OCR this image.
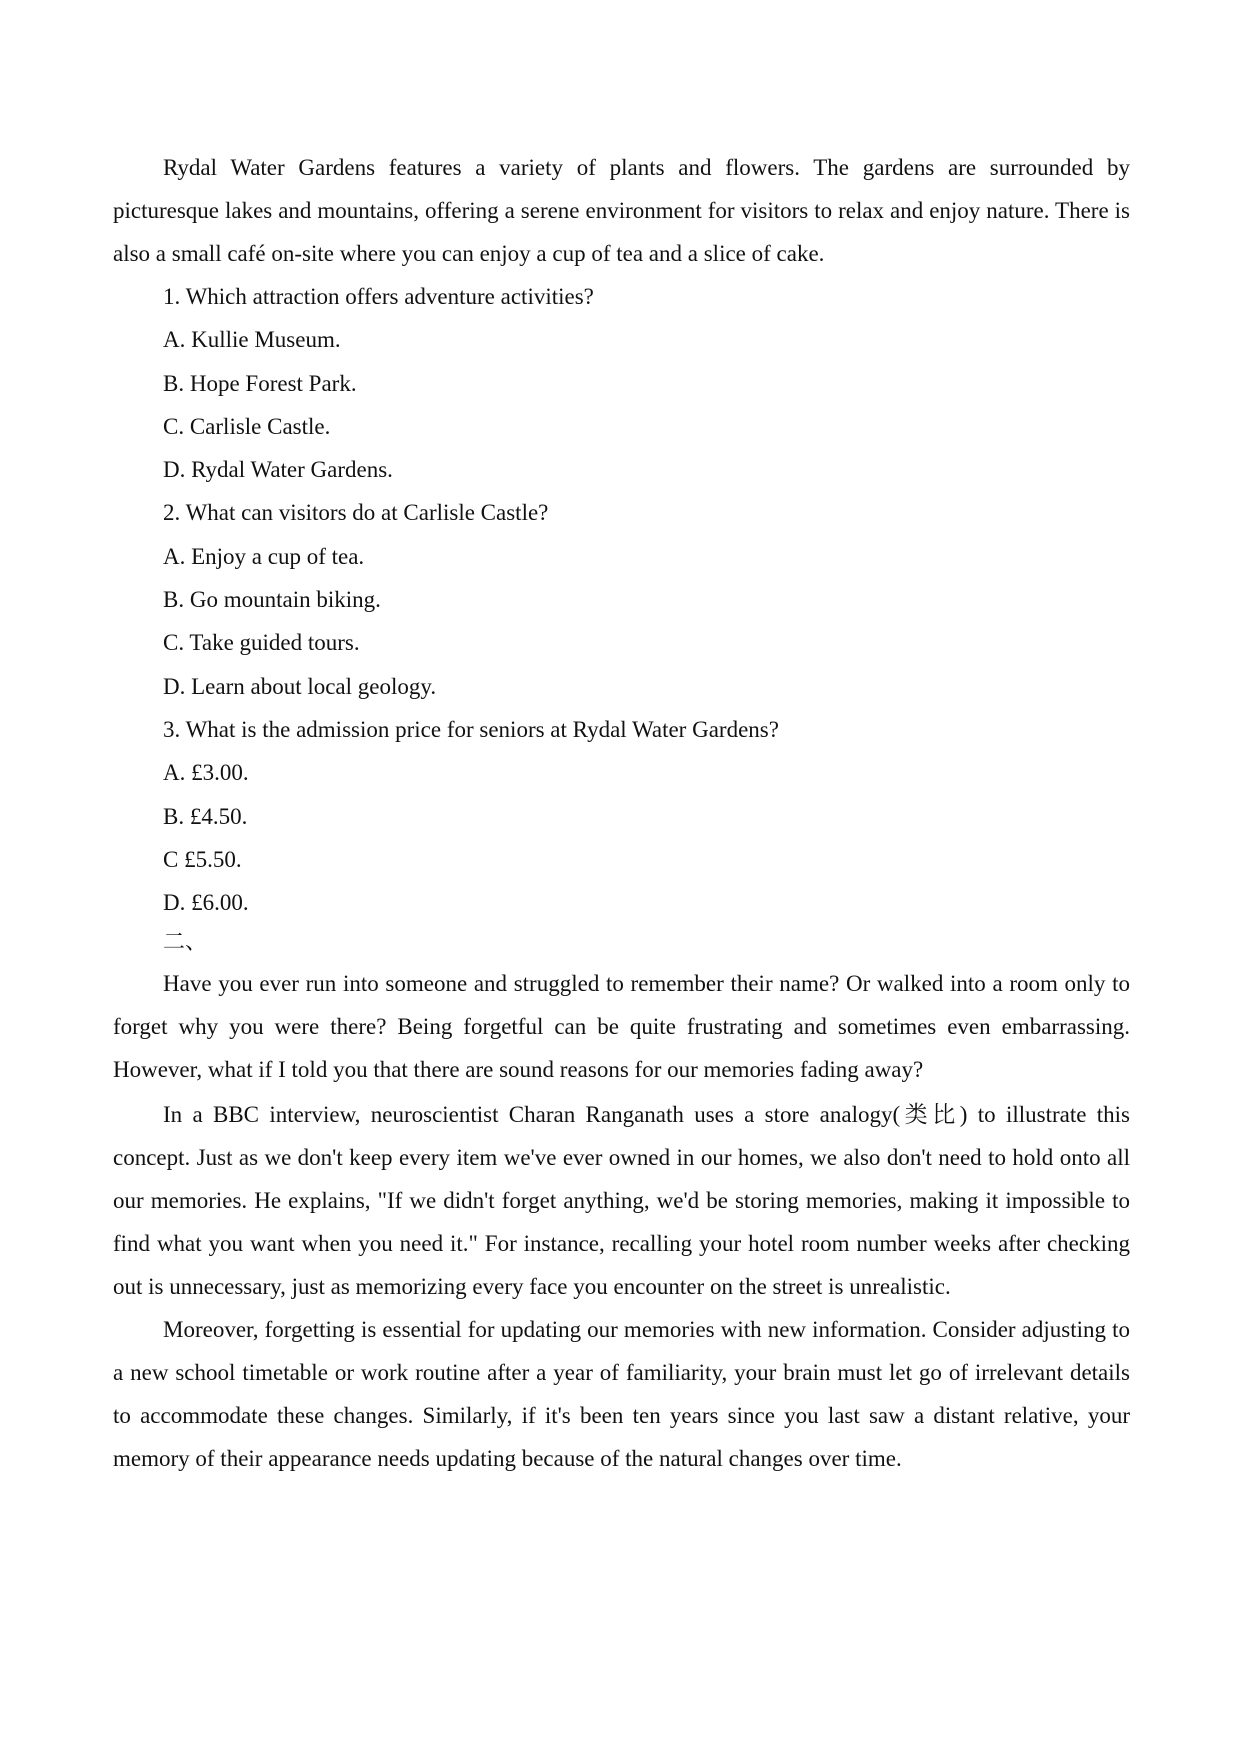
Rydal Water Gardens features a variety of plants and flowers. The gardens are surrounded by picturesque lakes and mountains, offering a serene environment for visitors to relax and enjoy nature. There is also a small café on-site where you can enjoy a cup of tea and a slice of cake.

1. Which attraction offers adventure activities?

A. Kullie Museum.

B. Hope Forest Park.

C. Carlisle Castle.

D. Rydal Water Gardens.

2. What can visitors do at Carlisle Castle?

A. Enjoy a cup of tea.

B. Go mountain biking.

C. Take guided tours.

D. Learn about local geology.

3. What is the admission price for seniors at Rydal Water Gardens?

A. £3.00.

B. £4.50.

C £5.50.

D. £6.00.

二、

Have you ever run into someone and struggled to remember their name? Or walked into a room only to forget why you were there? Being forgetful can be quite frustrating and sometimes even embarrassing. However, what if I told you that there are sound reasons for our memories fading away?

In a BBC interview, neuroscientist Charan Ranganath uses a store analogy(类比) to illustrate this concept. Just as we don't keep every item we've ever owned in our homes, we also don't need to hold onto all our memories. He explains, "If we didn't forget anything, we'd be storing memories, making it impossible to find what you want when you need it." For instance, recalling your hotel room number weeks after checking out is unnecessary, just as memorizing every face you encounter on the street is unrealistic.

Moreover, forgetting is essential for updating our memories with new information. Consider adjusting to a new school timetable or work routine after a year of familiarity, your brain must let go of irrelevant details to accommodate these changes. Similarly, if it's been ten years since you last saw a distant relative, your memory of their appearance needs updating because of the natural changes over time.
